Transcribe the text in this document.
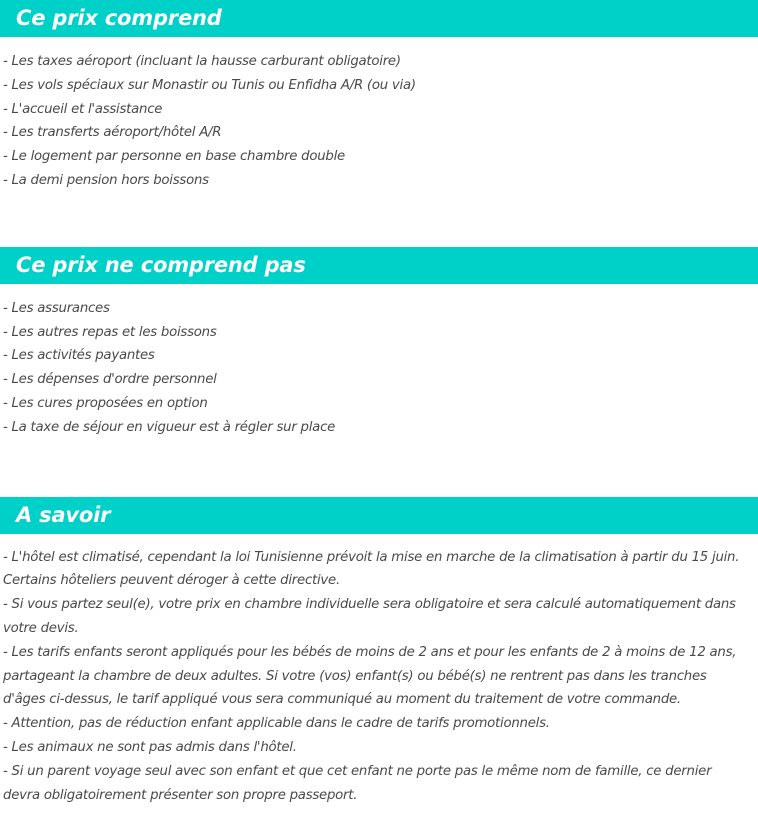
Ce prix comprend
- Les taxes aéroport (incluant la hausse carburant obligatoire)
- Les vols spéciaux sur Monastir ou Tunis ou Enfidha A/R (ou via)
- L'accueil et l'assistance
- Les transferts aéroport/hôtel A/R
- Le logement par personne en base chambre double
- La demi pension hors boissons
Ce prix ne comprend pas
- Les assurances
- Les autres repas et les boissons
- Les activités payantes
- Les dépenses d'ordre personnel
- Les cures proposées en option
- La taxe de séjour en vigueur est à régler sur place
A savoir

- L'hôtel est climatisé, cependant la loi Tunisienne prévoit la mise en marche de la climatisation à partir du 15 juin. Certains hôteliers peuvent déroger à cette directive.

- Si vous partez seul(e), votre prix en chambre individuelle sera obligatoire et sera calculé automatiquement dans votre devis.

- Les tarifs enfants seront appliqués pour les bébés de moins de 2 ans et pour les enfants de 2 à moins de 12 ans, partageant la chambre de deux adultes. Si votre (vos) enfant(s) ou bébé(s) ne rentrent pas dans les tranches d'âges ci-dessus, le tarif appliqué vous sera communiqué au moment du traitement de votre commande.

- Attention, pas de réduction enfant applicable dans le cadre de tarifs promotionnels.

- Les animaux ne sont pas admis dans l'hôtel.

- Si un parent voyage seul avec son enfant et que cet enfant ne porte pas le même nom de famille, ce dernier devra obligatoirement présenter son propre passeport.
